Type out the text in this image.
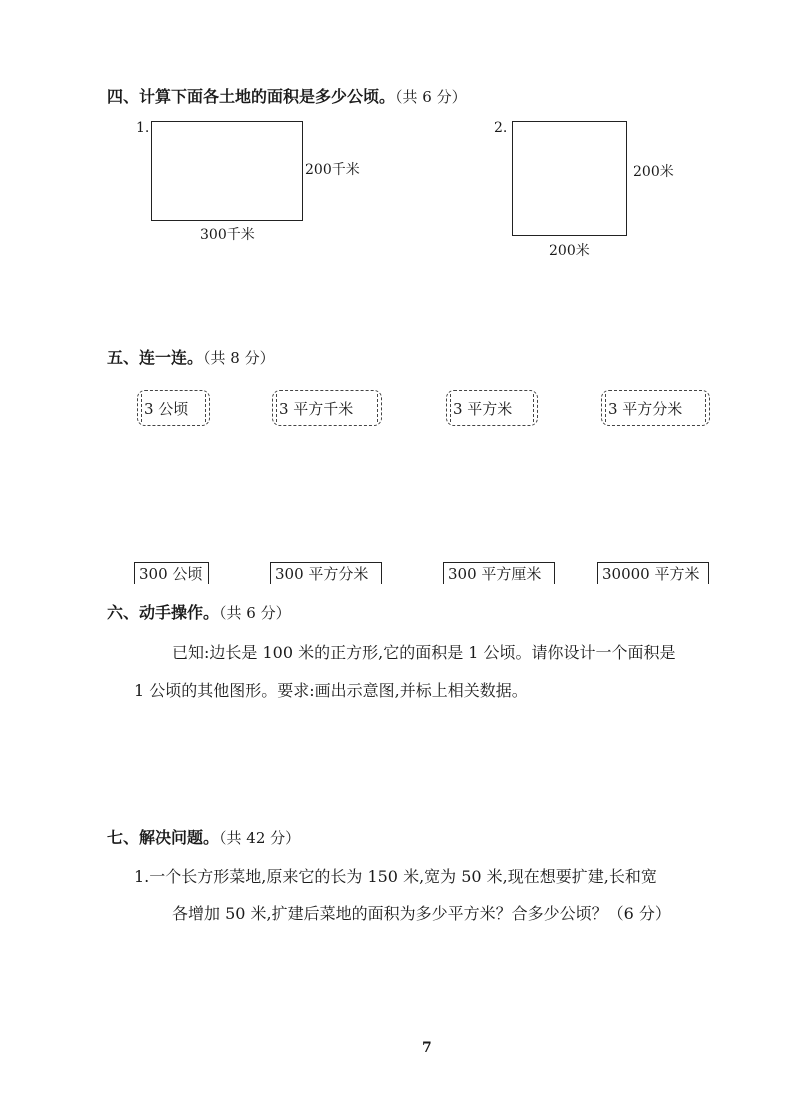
四、计算下面各土地的面积是多少公顷。（共 6 分）
1.
200千米
300千米
2.
200米
200米
五、连一连。（共 8 分）
3 公顷	3 平方千米	3 平方米	3 平方分米
300 公顷	300 平方分米	300 平方厘米	30000 平方米
六、动手操作。（共 6 分）
已知:边长是 100 米的正方形,它的面积是 1 公顷。请你设计一个面积是
1 公顷的其他图形。要求:画出示意图,并标上相关数据。
七、解决问题。（共 42 分）
1.一个长方形菜地,原来它的长为 150 米,宽为 50 米,现在想要扩建,长和宽
各增加 50 米,扩建后菜地的面积为多少平方米？合多少公顷？（6 分）
7
